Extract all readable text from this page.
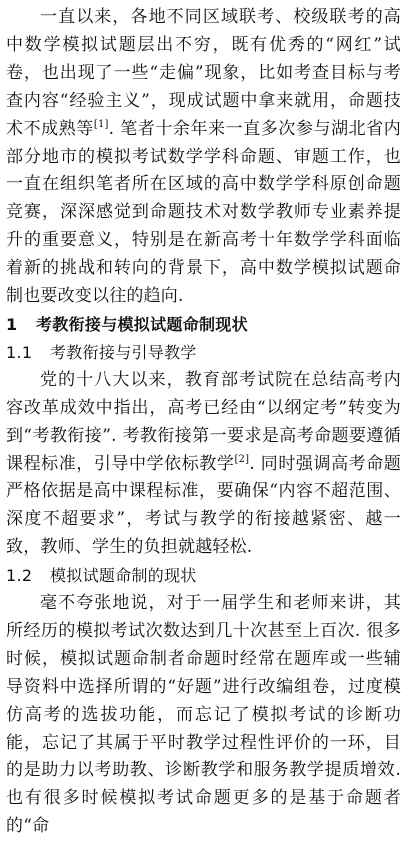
一直以来，各地不同区域联考、校级联考的高中数学模拟试题层出不穷，既有优秀的“网红”试卷，也出现了一些“走偏”现象，比如考查目标与考查内容“经验主义”，现成试题中拿来就用，命题技术不成熟等[1]. 笔者十余年来一直多次参与湖北省内部分地市的模拟考试数学学科命题、审题工作，也一直在组织笔者所在区域的高中数学学科原创命题竞赛，深深感觉到命题技术对数学教师专业素养提升的重要意义，特别是在新高考十年数学学科面临着新的挑战和转向的背景下，高中数学模拟试题命制也要改变以往的趋向.

1 考教衔接与模拟试题命制现状
1.1 考教衔接与引导教学

党的十八大以来，教育部考试院在总结高考内容改革成效中指出，高考已经由“以纲定考”转变为到“考教衔接”. 考教衔接第一要求是高考命题要遵循课程标准，引导中学依标教学[2]. 同时强调高考命题严格依据是高中课程标准，要确保“内容不超范围、深度不超要求”，考试与教学的衔接越紧密、越一致，教师、学生的负担就越轻松.

1.2 模拟试题命制的现状

毫不夸张地说，对于一届学生和老师来讲，其所经历的模拟考试次数达到几十次甚至上百次. 很多时候，模拟试题命制者命题时经常在题库或一些辅导资料中选择所谓的“好题”进行改编组卷，过度模仿高考的选拔功能，而忘记了模拟考试的诊断功能，忘记了其属于平时教学过程性评价的一环，目的是助力以考助教、诊断教学和服务教学提质增效. 也有很多时候模拟考试命题更多的是基于命题者的“命
